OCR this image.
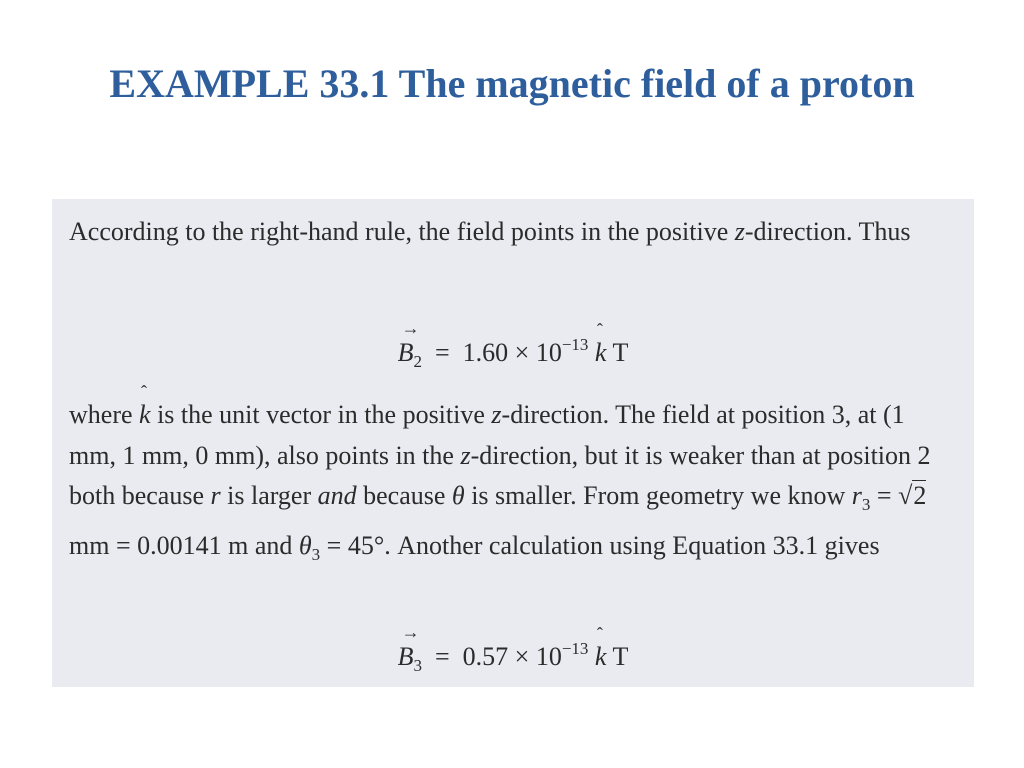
EXAMPLE 33.1 The magnetic field of a proton
According to the right-hand rule, the field points in the positive z-direction. Thus
→
$B_2 = 1.60 \times 10^{-13}$
ˆ
k T
where
ˆ
k is the unit vector in the positive z-direction. The field at position 3, at (1 mm, 1 mm, 0 mm), also points in the z-direction, but it is weaker than at position 2 both because r is larger and because θ is smaller. From geometry we know $r_3 = √2$ mm = 0.00141 m and $\theta_3 = 45^\circ$. Another calculation using Equation 33.1 gives
→
$B_3 = 0.57 \times 10^{-13}$
ˆ
k T
